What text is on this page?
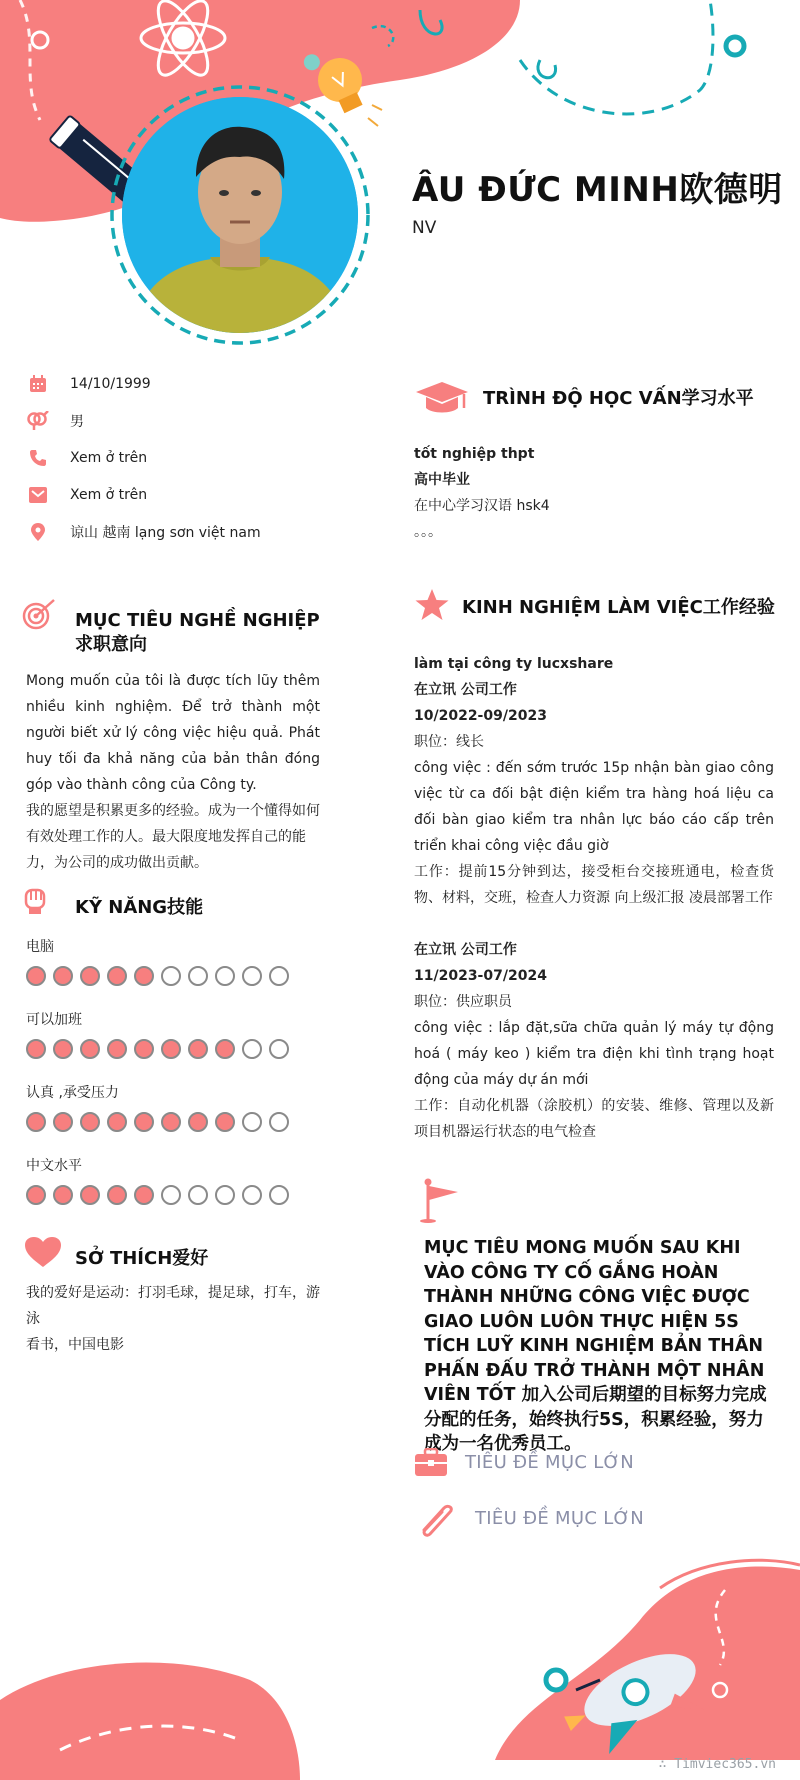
ÂU ĐỨC MINH欧德明
NV
14/10/1999
男
Xem ở trên
Xem ở trên
谅山 越南 lạng sơn việt nam
MỤC TIÊU NGHỀ NGHIỆP求职意向

Mong muốn của tôi là được tích lũy thêm nhiều kinh nghiệm. Để trở thành một người biết xử lý công việc hiệu quả. Phát huy tối đa khả năng của bản thân đóng góp vào thành công của Công ty.

我的愿望是积累更多的经验。成为一个懂得如何有效处理工作的人。最大限度地发挥自己的能力，为公司的成功做出贡献。

KỸ NĂNG技能
电脑
可以加班
认真 ,承受压力
中文水平
SỞ THÍCH爱好

我的爱好是运动：打羽毛球，提足球，打车，游泳

看书，中国电影

TRÌNH ĐỘ HỌC VẤN学习水平
tốt nghiệp thpt
高中毕业
在中心学习汉语 hsk4
。。。
KINH NGHIỆM LÀM VIỆC工作经验
làm tại công ty lucxshare
在立讯 公司工作
10/2022-09/2023
职位：线长
công việc : đến sớm trước 15p nhận bàn giao công việc từ ca đối bật điện kiểm tra hàng hoá liệu ca đối bàn giao kiểm tra nhân lực báo cáo cấp trên triển khai công việc đầu giờ
工作：提前15分钟到达，接受柜台交接班通电，检查货物、材料，交班，检查人力资源 向上级汇报 凌晨部署工作
在立讯 公司工作
11/2023-07/2024
职位：供应职员
công việc : lắp đặt,sữa chữa quản lý máy tự động hoá ( máy keo ) kiểm tra điện khi tình trạng hoạt động của máy dự án mới
工作：自动化机器（涂胶机）的安装、维修、管理以及新项目机器运行状态的电气检查
MỤC TIÊU MONG MUỐN SAU KHI VÀO CÔNG TY CỐ GẮNG HOÀN THÀNH NHỮNG CÔNG VIỆC ĐƯỢC GIAO LUÔN LUÔN THỰC HIỆN 5S TÍCH LUỸ KINH NGHIỆM BẢN THÂN PHẤN ĐẤU TRỞ THÀNH MỘT NHÂN VIÊN TỐT 加入公司后期望的目标努力完成分配的任务，始终执行5S，积累经验，努力成为一名优秀员工。
TIÊU ĐỀ MỤC LỚN
TIÊU ĐỀ MỤC LỚN
∴ Timviec365.vn
